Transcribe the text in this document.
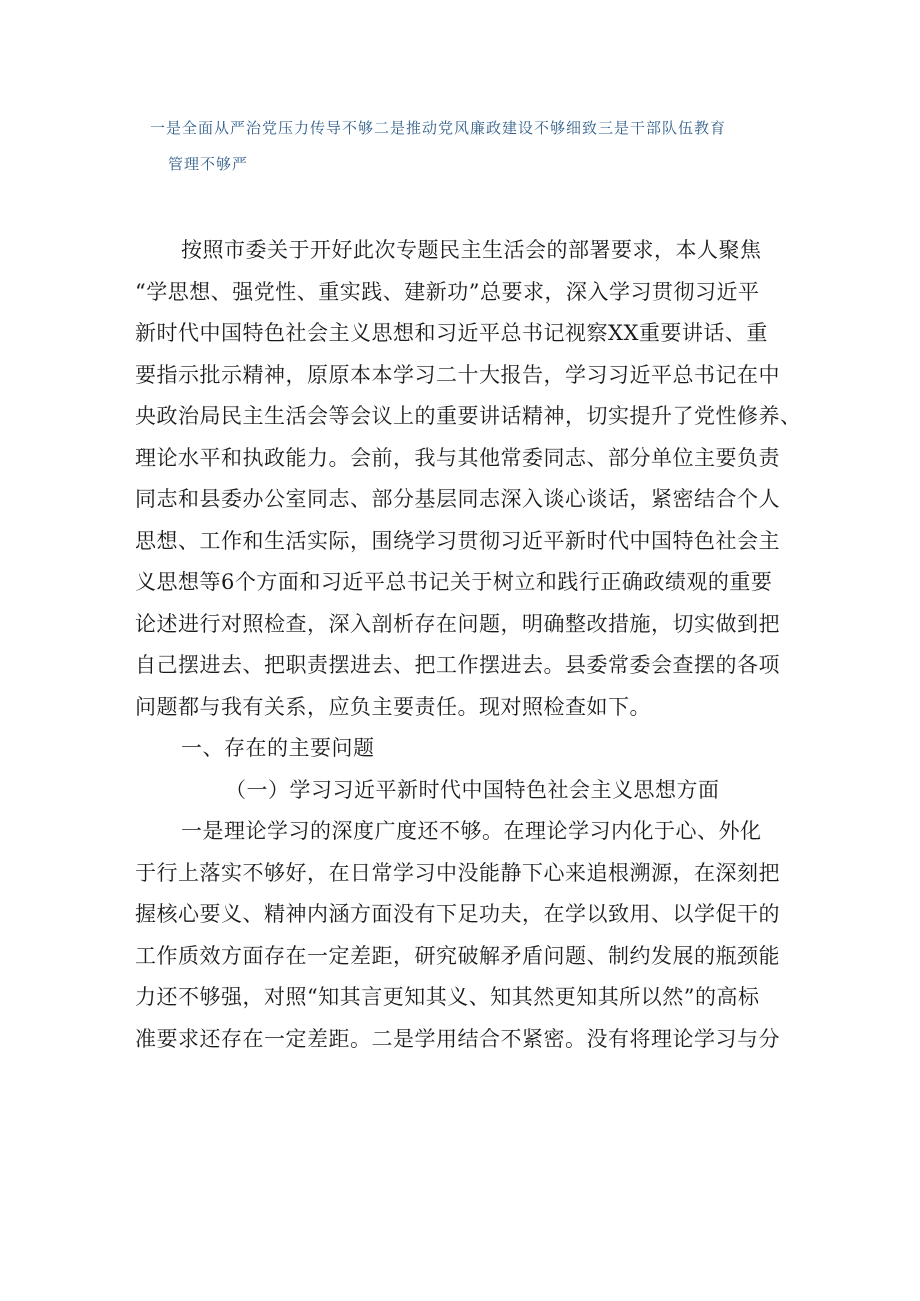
一是全面从严治党压力传导不够二是推动党风廉政建设不够细致三是干部队伍教育
管理不够严
按照市委关于开好此次专题民主生活会的部署要求，本人聚焦
“学思想、强党性、重实践、建新功”总要求，深入学习贯彻习近平
新时代中国特色社会主义思想和习近平总书记视察XX重要讲话、重
要指示批示精神，原原本本学习二十大报告，学习习近平总书记在中
央政治局民主生活会等会议上的重要讲话精神，切实提升了党性修养、
理论水平和执政能力。会前，我与其他常委同志、部分单位主要负责
同志和县委办公室同志、部分基层同志深入谈心谈话，紧密结合个人
思想、工作和生活实际，围绕学习贯彻习近平新时代中国特色社会主
义思想等6个方面和习近平总书记关于树立和践行正确政绩观的重要
论述进行对照检查，深入剖析存在问题，明确整改措施，切实做到把
自己摆进去、把职责摆进去、把工作摆进去。县委常委会查摆的各项
问题都与我有关系，应负主要责任。现对照检查如下。
一、存在的主要问题
（一）学习习近平新时代中国特色社会主义思想方面
一是理论学习的深度广度还不够。在理论学习内化于心、外化
于行上落实不够好，在日常学习中没能静下心来追根溯源，在深刻把
握核心要义、精神内涵方面没有下足功夫，在学以致用、以学促干的
工作质效方面存在一定差距，研究破解矛盾问题、制约发展的瓶颈能
力还不够强，对照“知其言更知其义、知其然更知其所以然”的高标
准要求还存在一定差距。二是学用结合不紧密。没有将理论学习与分
